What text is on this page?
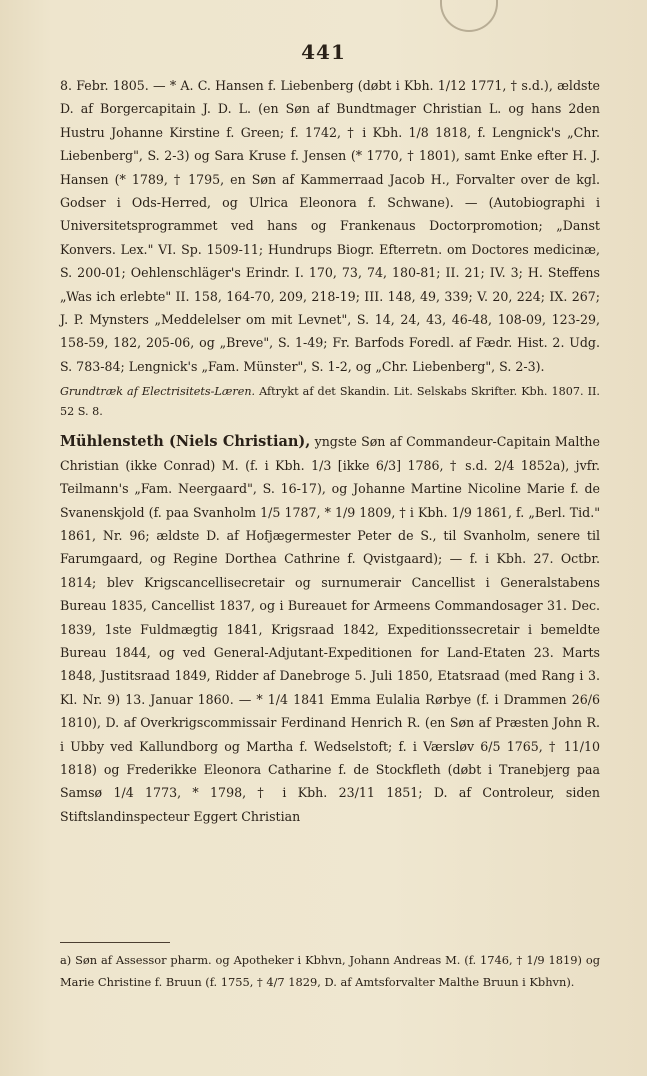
441

8. Febr. 1805. — * A. C. Hansen f. Liebenberg (døbt i Kbh. 1/12 1771, † s.d.), ældste D. af Borgercapitain J. D. L. (en Søn af Bundtmager Christian L. og hans 2den Hustru Johanne Kirstine f. Green; f. 1742, † i Kbh. 1/8 1818, f. Lengnick's „Chr. Liebenberg", S. 2-3) og Sara Kruse f. Jensen (* 1770, † 1801), samt Enke efter H. J. Hansen (* 1789, † 1795, en Søn af Kammerraad Jacob H., Forvalter over de kgl. Godser i Ods-Herred, og Ulrica Eleonora f. Schwane). — (Autobiographi i Universitetsprogrammet ved hans og Frankenaus Doctorpromotion; „Danst Konvers. Lex." VI. Sp. 1509-11; Hundrups Biogr. Efterretn. om Doctores medicinæ, S. 200-01; Oehlenschläger's Erindr. I. 170, 73, 74, 180-81; II. 21; IV. 3; H. Steffens „Was ich erlebte" II. 158, 164-70, 209, 218-19; III. 148, 49, 339; V. 20, 224; IX. 267; J. P. Mynsters „Meddelelser om mit Levnet", S. 14, 24, 43, 46-48, 108-09, 123-29, 158-59, 182, 205-06, og „Breve", S. 1-49; Fr. Barfods Foredl. af Fædr. Hist. 2. Udg. S. 783-84; Lengnick's „Fam. Münster", S. 1-2, og „Chr. Liebenberg", S. 2-3).

Grundtræk af Electrisitets-Læren. Aftrykt af det Skandin. Lit. Selskabs Skrifter. Kbh. 1807. II. 52 S. 8.

Mühlensteth (Niels Christian), yngste Søn af Commandeur-Capitain Malthe Christian (ikke Conrad) M. (f. i Kbh. 1/3 [ikke 6/3] 1786, † s.d. 2/4 1852a), jvfr. Teilmann's „Fam. Neergaard", S. 16-17), og Johanne Martine Nicoline Marie f. de Svanenskjold (f. paa Svanholm 1/5 1787, * 1/9 1809, † i Kbh. 1/9 1861, f. „Berl. Tid." 1861, Nr. 96; ældste D. af Hofjægermester Peter de S., til Svanholm, senere til Farumgaard, og Regine Dorthea Cathrine f. Qvistgaard); — f. i Kbh. 27. Octbr. 1814; blev Krigscancellisecretair og surnumerair Cancellist i Generalstabens Bureau 1835, Cancellist 1837, og i Bureauet for Armeens Commandosager 31. Dec. 1839, 1ste Fuldmægtig 1841, Krigsraad 1842, Expeditionssecretair i bemeldte Bureau 1844, og ved General-Adjutant-Expeditionen for Land-Etaten 23. Marts 1848, Justitsraad 1849, Ridder af Danebroge 5. Juli 1850, Etatsraad (med Rang i 3. Kl. Nr. 9) 13. Januar 1860. — * 1/4 1841 Emma Eulalia Rørbye (f. i Drammen 26/6 1810), D. af Overkrigscommissair Ferdinand Henrich R. (en Søn af Præsten John R. i Ubby ved Kallundborg og Martha f. Wedselstoft; f. i Værsløv 6/5 1765, † 11/10 1818) og Frederikke Eleonora Catharine f. de Stockfleth (døbt i Tranebjerg paa Samsø 1/4 1773, * 1798, † i Kbh. 23/11 1851; D. af Controleur, siden Stiftslandinspecteur Eggert Christian

a) Søn af Assessor pharm. og Apotheker i Kbhvn, Johann Andreas M. (f. 1746, † 1/9 1819) og Marie Christine f. Bruun (f. 1755, † 4/7 1829, D. af Amtsforvalter Malthe Bruun i Kbhvn).
